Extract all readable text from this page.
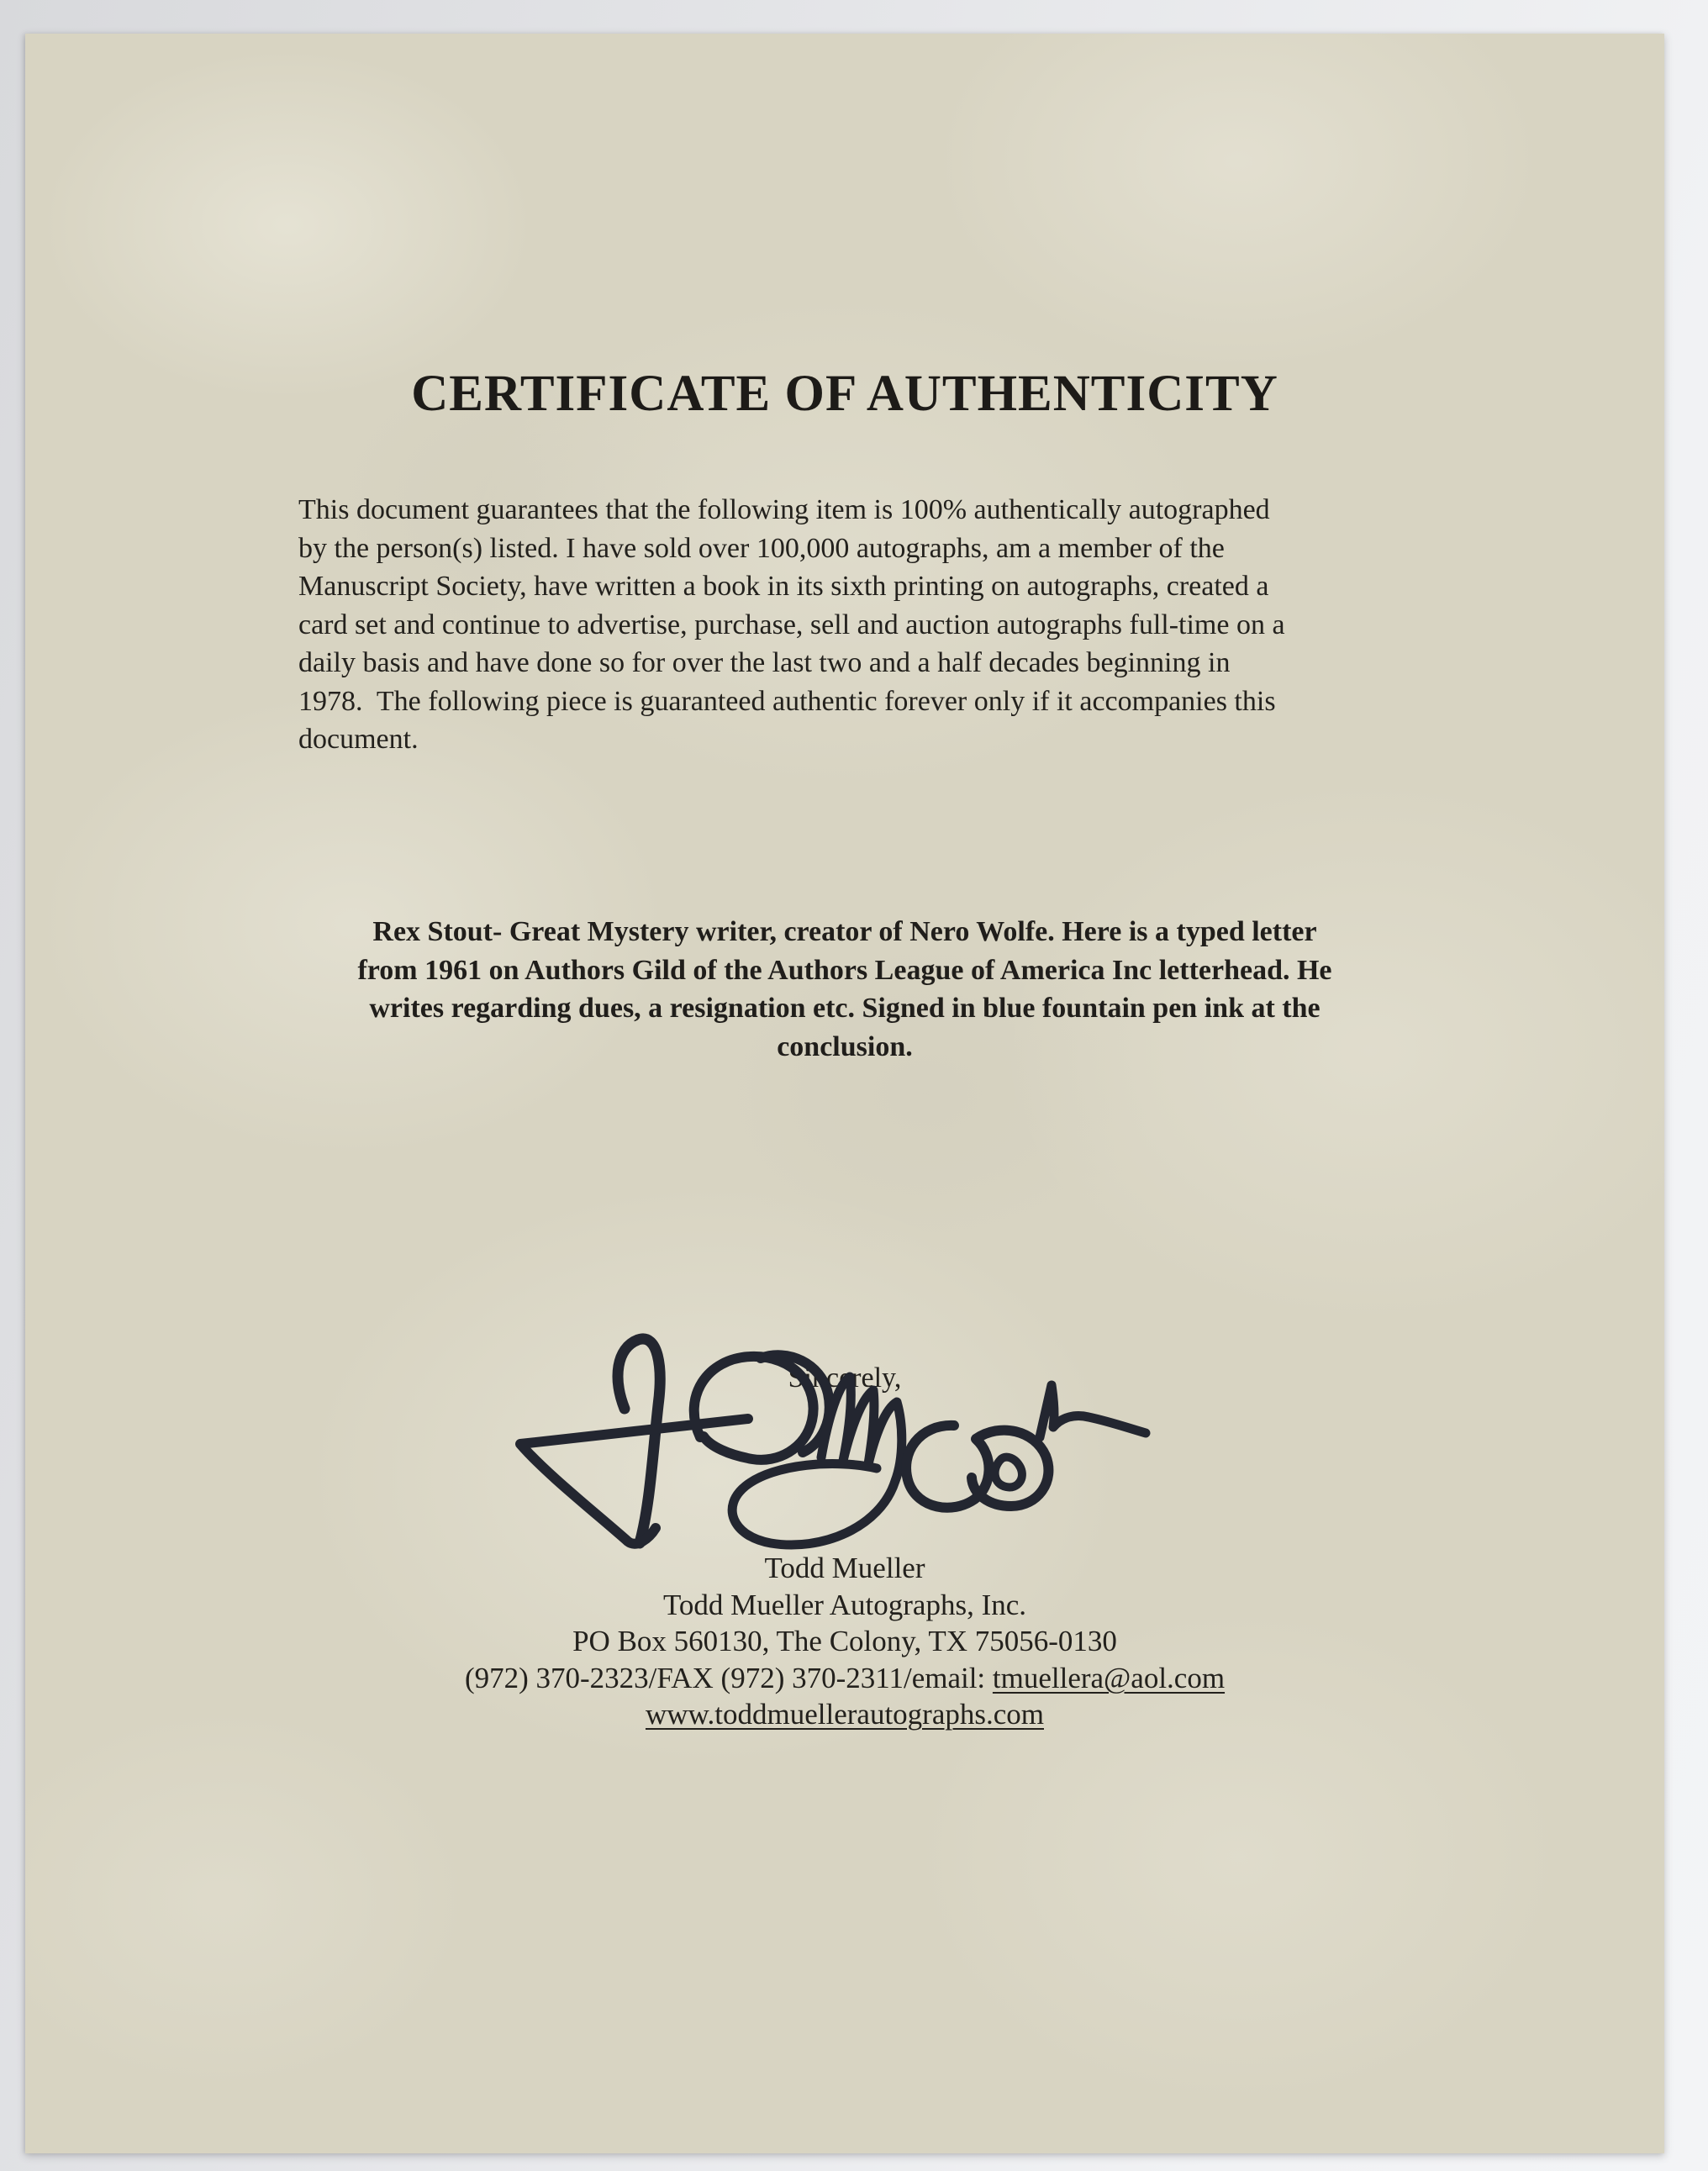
CERTIFICATE OF AUTHENTICITY
This document guarantees that the following item is 100% authentically autographed
by the person(s) listed. I have sold over 100,000 autographs, am a member of the
Manuscript Society, have written a book in its sixth printing on autographs, created a
card set and continue to advertise, purchase, sell and auction autographs full-time on a
daily basis and have done so for over the last two and a half decades beginning in
1978.  The following piece is guaranteed authentic forever only if it accompanies this
document.
Rex Stout- Great Mystery writer, creator of Nero Wolfe. Here is a typed letter
from 1961 on Authors Gild of the Authors League of America Inc letterhead. He
writes regarding dues, a resignation etc. Signed in blue fountain pen ink at the
conclusion.
Sincerely,
Todd Mueller
Todd Mueller Autographs, Inc.
PO Box 560130, The Colony, TX 75056-0130
(972) 370-2323/FAX (972) 370-2311/email: tmuellera@aol.com
www.toddmuellerautographs.com
